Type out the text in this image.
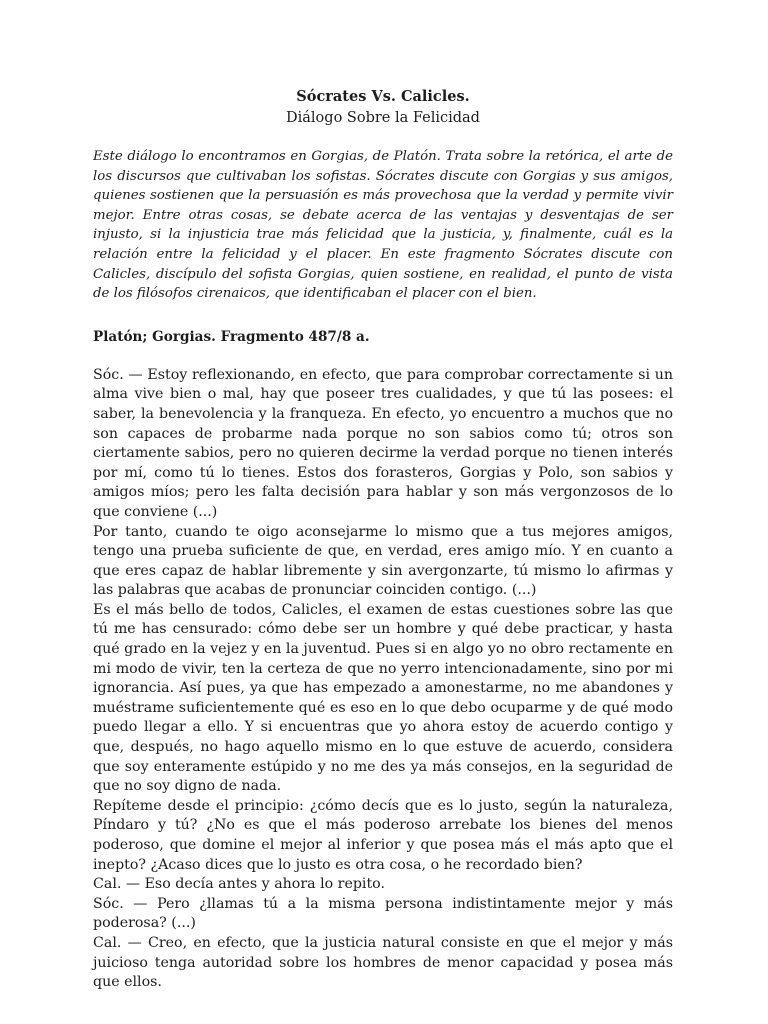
Sócrates Vs. Calicles.

Diálogo Sobre la Felicidad

Este diálogo lo encontramos en Gorgias, de Platón. Trata sobre la retórica, el arte de los discursos que cultivaban los sofistas. Sócrates discute con Gorgias y sus amigos, quienes sostienen que la persuasión es más provechosa que la verdad y permite vivir mejor. Entre otras cosas, se debate acerca de las ventajas y desventajas de ser injusto, si la injusticia trae más felicidad que la justicia, y, finalmente, cuál es la relación entre la felicidad y el placer. En este fragmento Sócrates discute con Calicles, discípulo del sofista Gorgias, quien sostiene, en realidad, el punto de vista de los filósofos cirenaicos, que identificaban el placer con el bien.

Platón; Gorgias. Fragmento 487/8 a.

Sóc. — Estoy reflexionando, en efecto, que para comprobar correctamente si un alma vive bien o mal, hay que poseer tres cualidades, y que tú las posees: el saber, la benevolencia y la franqueza. En efecto, yo encuentro a muchos que no son capaces de probarme nada porque no son sabios como tú; otros son ciertamente sabios, pero no quieren decirme la verdad porque no tienen interés por mí, como tú lo tienes. Estos dos forasteros, Gorgias y Polo, son sabios y amigos míos; pero les falta decisión para hablar y son más vergonzosos de lo que conviene (...)

Por tanto, cuando te oigo aconsejarme lo mismo que a tus mejores amigos, tengo una prueba suficiente de que, en verdad, eres amigo mío. Y en cuanto a que eres capaz de hablar libremente y sin avergonzarte, tú mismo lo afirmas y las palabras que acabas de pronunciar coinciden contigo. (...)

Es el más bello de todos, Calicles, el examen de estas cuestiones sobre las que tú me has censurado: cómo debe ser un hombre y qué debe practicar, y hasta qué grado en la vejez y en la juventud. Pues si en algo yo no obro rectamente en mi modo de vivir, ten la certeza de que no yerro intencionadamente, sino por mi ignorancia. Así pues, ya que has empezado a amonestarme, no me abandones y muéstrame suficientemente qué es eso en lo que debo ocuparme y de qué modo puedo llegar a ello. Y si encuentras que yo ahora estoy de acuerdo contigo y que, después, no hago aquello mismo en lo que estuve de acuerdo, considera que soy enteramente estúpido y no me des ya más consejos, en la seguridad de que no soy digno de nada.

Repíteme desde el principio: ¿cómo decís que es lo justo, según la naturaleza, Píndaro y tú? ¿No es que el más poderoso arrebate los bienes del menos poderoso, que domine el mejor al inferior y que posea más el más apto que el inepto? ¿Acaso dices que lo justo es otra cosa, o he recordado bien?

Cal. — Eso decía antes y ahora lo repito.

Sóc. — Pero ¿llamas tú a la misma persona indistintamente mejor y más poderosa? (...)

Cal. — Creo, en efecto, que la justicia natural consiste en que el mejor y más juicioso tenga autoridad sobre los hombres de menor capacidad y posea más que ellos.
